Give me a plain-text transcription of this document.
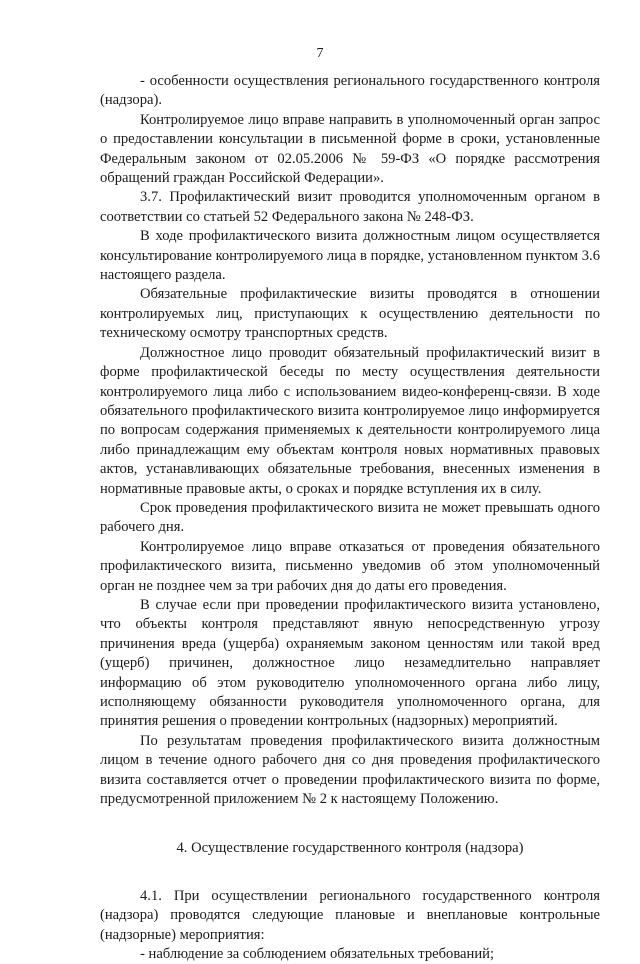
7

- особенности осуществления регионального государственного контроля (надзора).

Контролируемое лицо вправе направить в уполномоченный орган запрос о предоставлении консультации в письменной форме в сроки, установленные Федеральным законом от 02.05.2006 № 59-ФЗ «О порядке рассмотрения обращений граждан Российской Федерации».

3.7. Профилактический визит проводится уполномоченным органом в соответствии со статьей 52 Федерального закона № 248-ФЗ.

В ходе профилактического визита должностным лицом осуществляется консультирование контролируемого лица в порядке, установленном пунктом 3.6 настоящего раздела.

Обязательные профилактические визиты проводятся в отношении контролируемых лиц, приступающих к осуществлению деятельности по техническому осмотру транспортных средств.

Должностное лицо проводит обязательный профилактический визит в форме профилактической беседы по месту осуществления деятельности контролируемого лица либо с использованием видео-конференц-связи. В ходе обязательного профилактического визита контролируемое лицо информируется по вопросам содержания применяемых к деятельности контролируемого лица либо принадлежащим ему объектам контроля новых нормативных правовых актов, устанавливающих обязательные требования, внесенных изменения в нормативные правовые акты, о сроках и порядке вступления их в силу.

Срок проведения профилактического визита не может превышать одного рабочего дня.

Контролируемое лицо вправе отказаться от проведения обязательного профилактического визита, письменно уведомив об этом уполномоченный орган не позднее чем за три рабочих дня до даты его проведения.

В случае если при проведении профилактического визита установлено, что объекты контроля представляют явную непосредственную угрозу причинения вреда (ущерба) охраняемым законом ценностям или такой вред (ущерб) причинен, должностное лицо незамедлительно направляет информацию об этом руководителю уполномоченного органа либо лицу, исполняющему обязанности руководителя уполномоченного органа, для принятия решения о проведении контрольных (надзорных) мероприятий.

По результатам проведения профилактического визита должностным лицом в течение одного рабочего дня со дня проведения профилактического визита составляется отчет о проведении профилактического визита по форме, предусмотренной приложением № 2 к настоящему Положению.

4. Осуществление государственного контроля (надзора)

4.1. При осуществлении регионального государственного контроля (надзора) проводятся следующие плановые и внеплановые контрольные (надзорные) мероприятия:

- наблюдение за соблюдением обязательных требований;
